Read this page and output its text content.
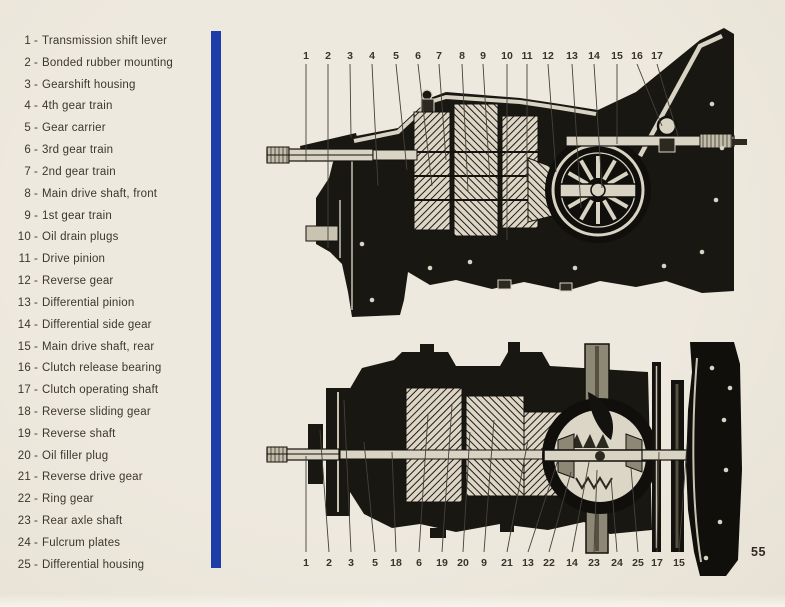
1 - Transmission shift lever
2 - Bonded rubber mounting
3 - Gearshift housing
4 - 4th gear train
5 - Gear carrier
6 - 3rd gear train
7 - 2nd gear train
8 - Main drive shaft, front
9 - 1st gear train
10 - Oil drain plugs
11 - Drive pinion
12 - Reverse gear
13 - Differential pinion
14 - Differential side gear
15 - Main drive shaft, rear
16 - Clutch release bearing
17 - Clutch operating shaft
18 - Reverse sliding gear
19 - Reverse shaft
20 - Oil filler plug
21 - Reverse drive gear
22 - Ring gear
23 - Rear axle shaft
24 - Fulcrum plates
25 - Differential housing
1 2 3 4 5 6 7 8 9 10 11 12 13 14 15 16 17
1 2 3 5 18 6 19 20 9 21 13 22 14 23 24 25 17 15
55
